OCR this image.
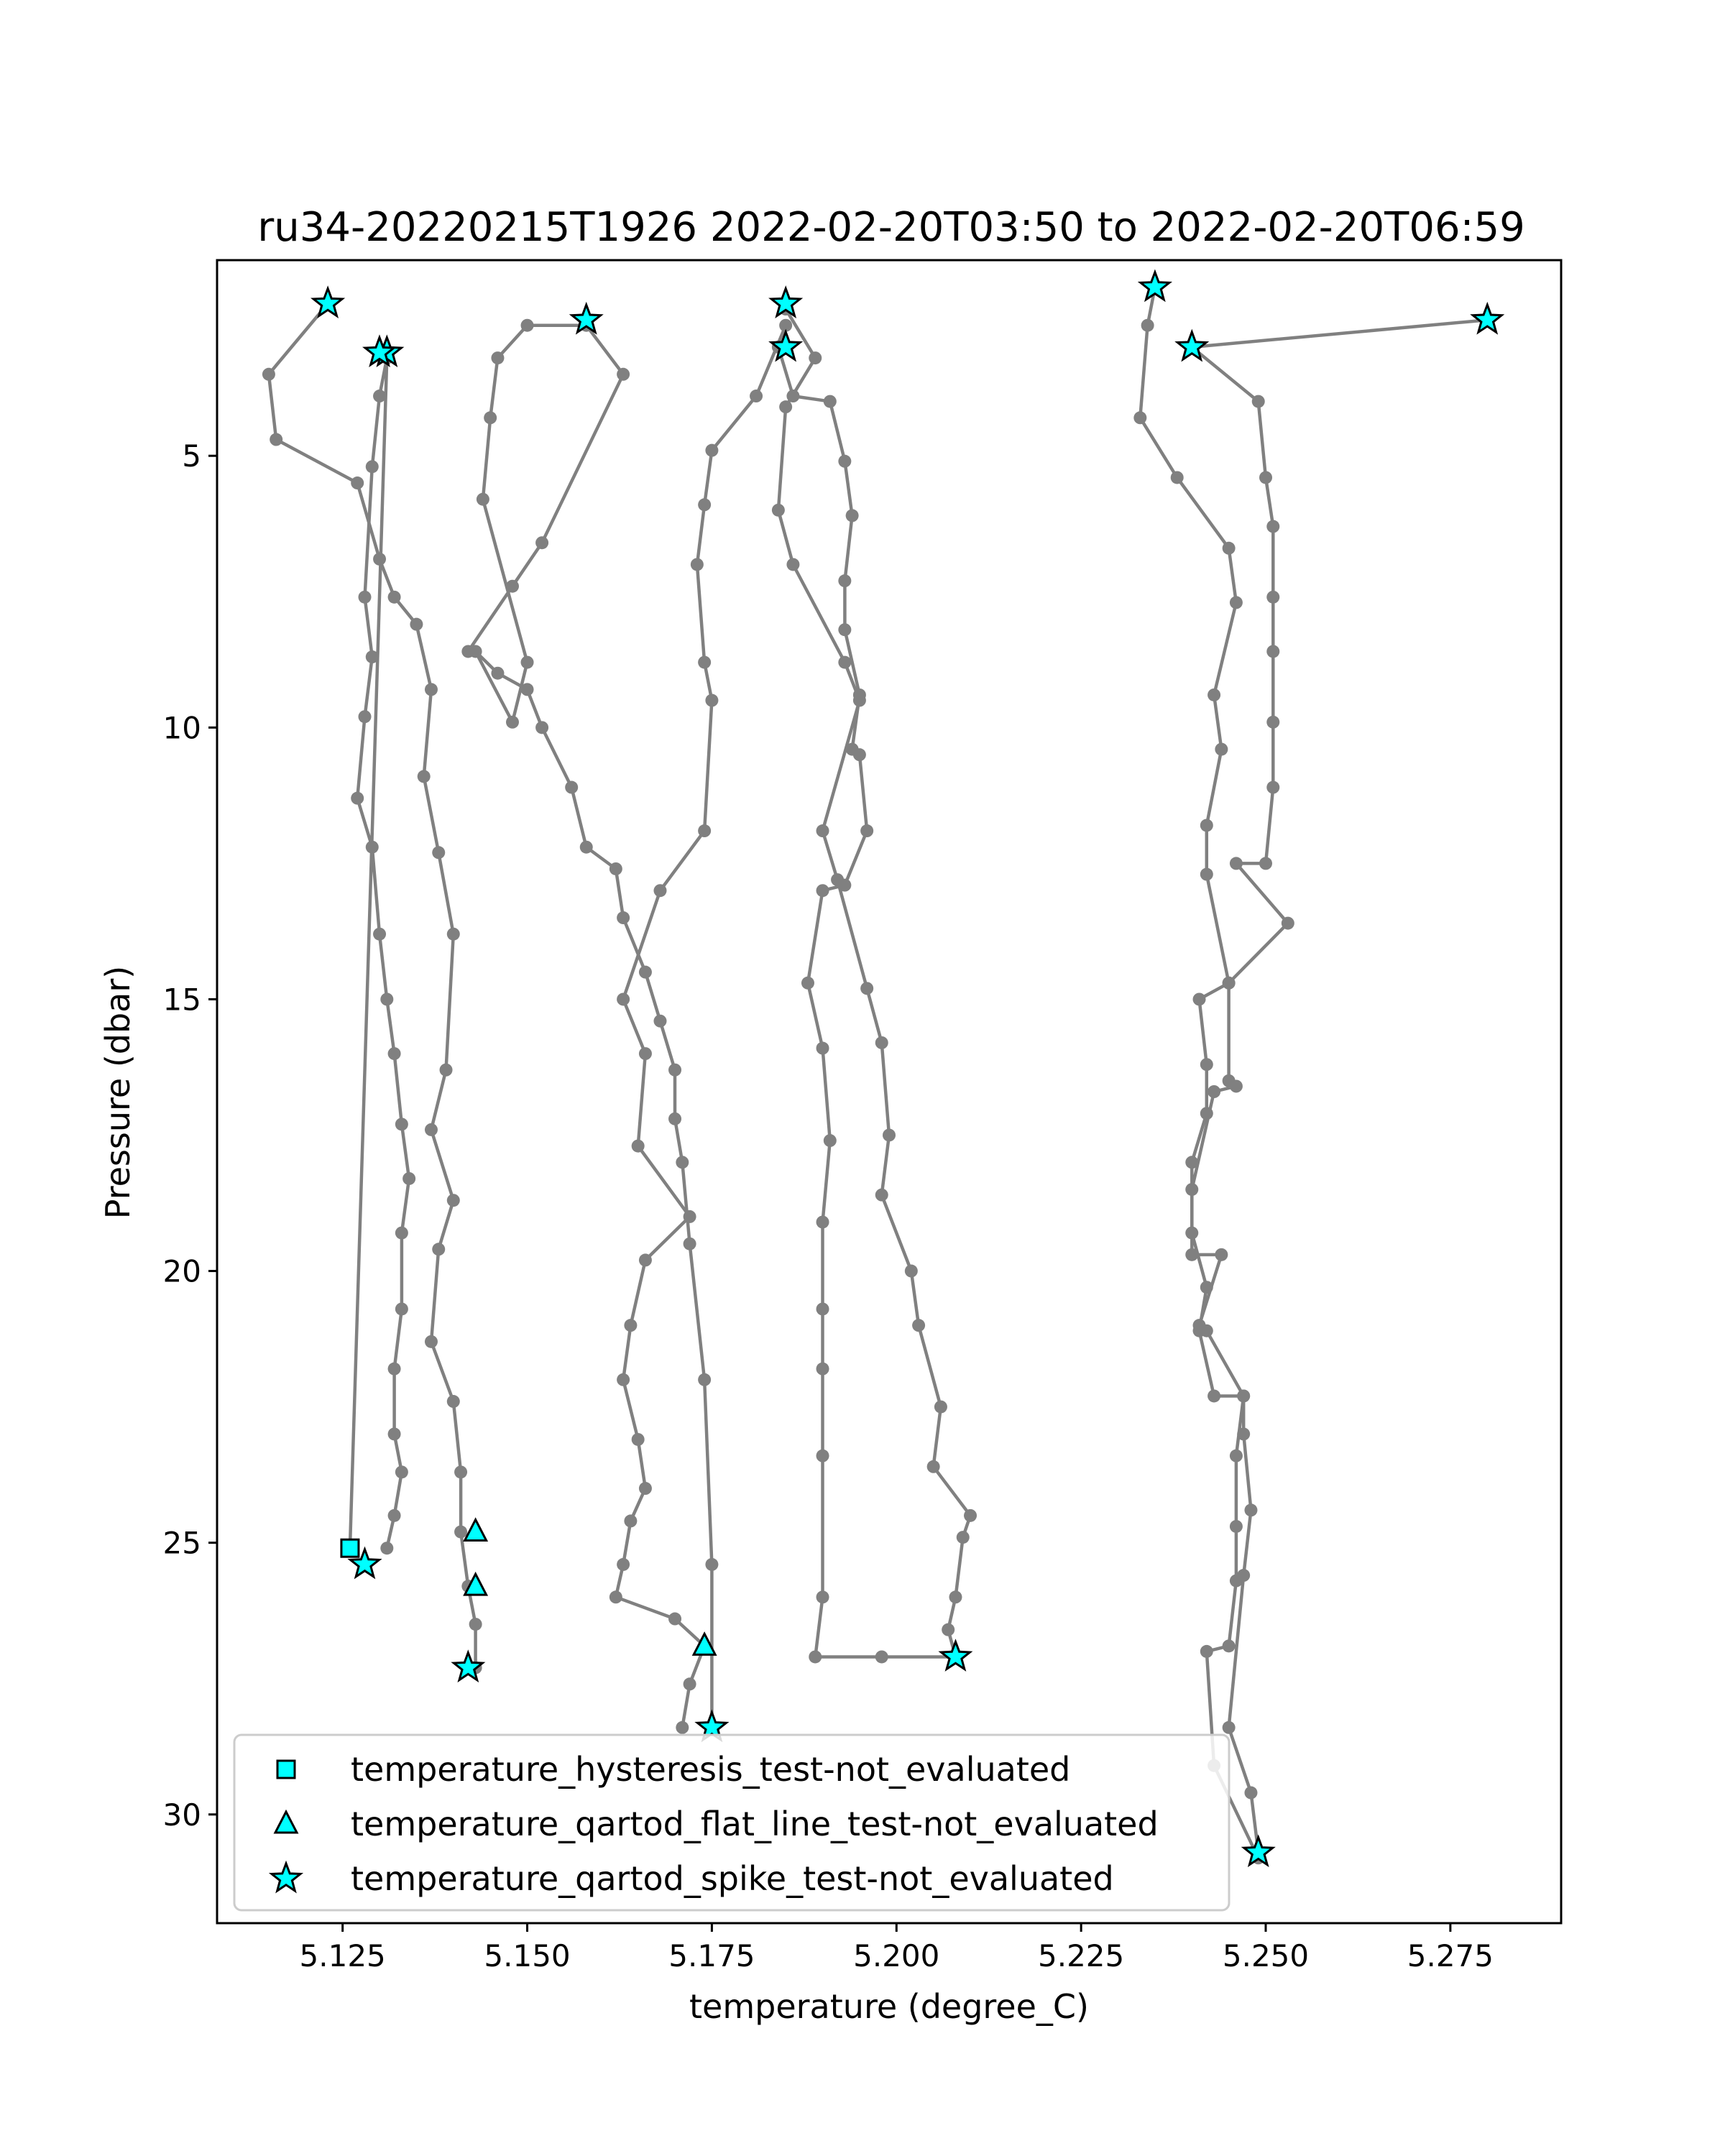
ru34-20220215T1926 2022-02-20T03:50 to 2022-02-20T06:59
5.125	5.150	5.175	5.200	5.225	5.250	5.275
5
10
15
20
25
30
temperature (degree_C)
Pressure (dbar)
temperature_hysteresis_test-not_evaluated
temperature_qartod_flat_line_test-not_evaluated
temperature_qartod_spike_test-not_evaluated
